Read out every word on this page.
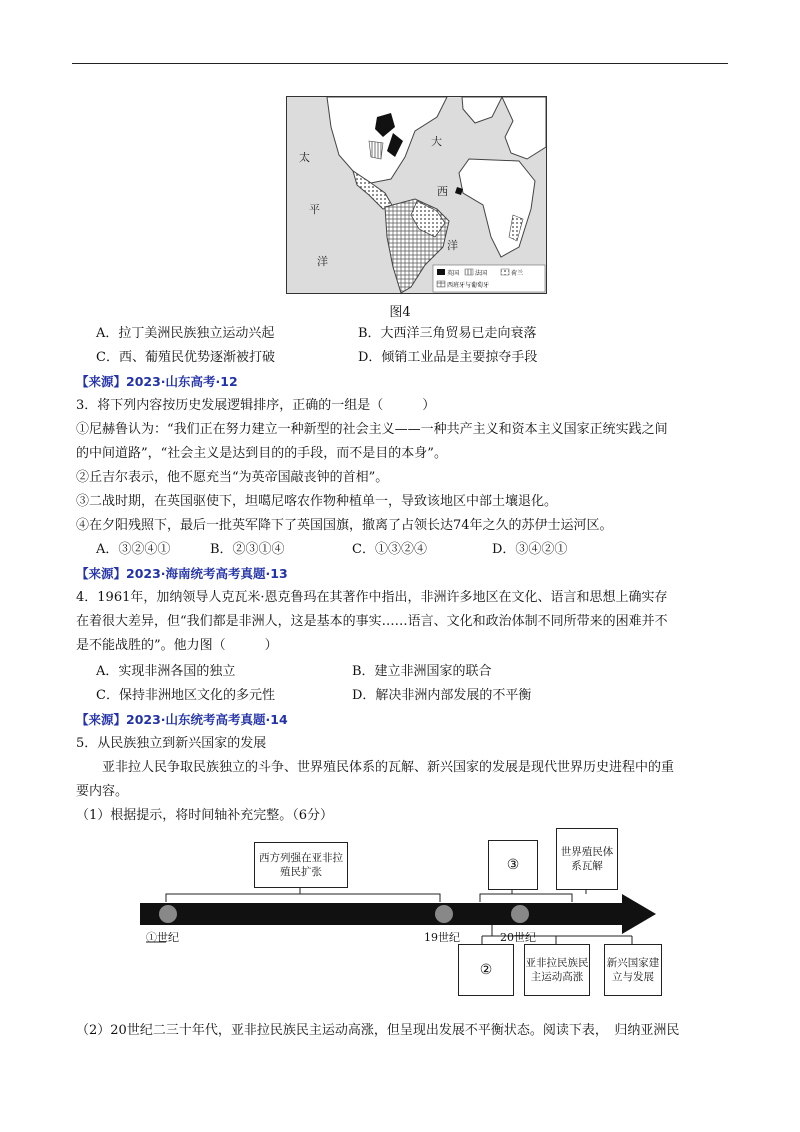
英国	法国	荷兰
西班牙与葡萄牙
太
平
洋
大
西
洋
图4
A．拉丁美洲民族独立运动兴起	B．大西洋三角贸易已走向衰落
C．西、葡殖民优势逐渐被打破	D．倾销工业品是主要掠夺手段
【来源】2023·山东高考·12
3．将下列内容按历史发展逻辑排序，正确的一组是（　　　）
①尼赫鲁认为：“我们正在努力建立一种新型的社会主义——一种共产主义和资本主义国家正统实践之间
的中间道路”，“社会主义是达到目的的手段，而不是目的本身”。
②丘吉尔表示，他不愿充当“为英帝国敲丧钟的首相”。
③二战时期，在英国驱使下，坦噶尼喀农作物种植单一，导致该地区中部土壤退化。
④在夕阳残照下，最后一批英军降下了英国国旗，撤离了占领长达74年之久的苏伊士运河区。
A．③②④①	B．②③①④	C．①③②④	D．③④②①
【来源】2023·海南统考高考真题·13
4．1961年，加纳领导人克瓦米·恩克鲁玛在其著作中指出，非洲许多地区在文化、语言和思想上确实存
在着很大差异，但“我们都是非洲人，这是基本的事实……语言、文化和政治体制不同所带来的困难并不
是不能战胜的”。他力图（　　　）
A．实现非洲各国的独立	B．建立非洲国家的联合
C．保持非洲地区文化的多元性	D．解决非洲内部发展的不平衡
【来源】2023·山东统考高考真题·14
5．从民族独立到新兴国家的发展
亚非拉人民争取民族独立的斗争、世界殖民体系的瓦解、新兴国家的发展是现代世界历史进程中的重
要内容。
（1）根据提示，将时间轴补充完整。（6分）
西方列强在亚非拉殖民扩张	③
世界殖民体系瓦解
②	亚非拉民族民主运动高涨
新兴国家建立与发展
①世纪	19世纪	20世纪
（2）20世纪二三十年代，亚非拉民族民主运动高涨，但呈现出发展不平衡状态。阅读下表，　归纳亚洲民
